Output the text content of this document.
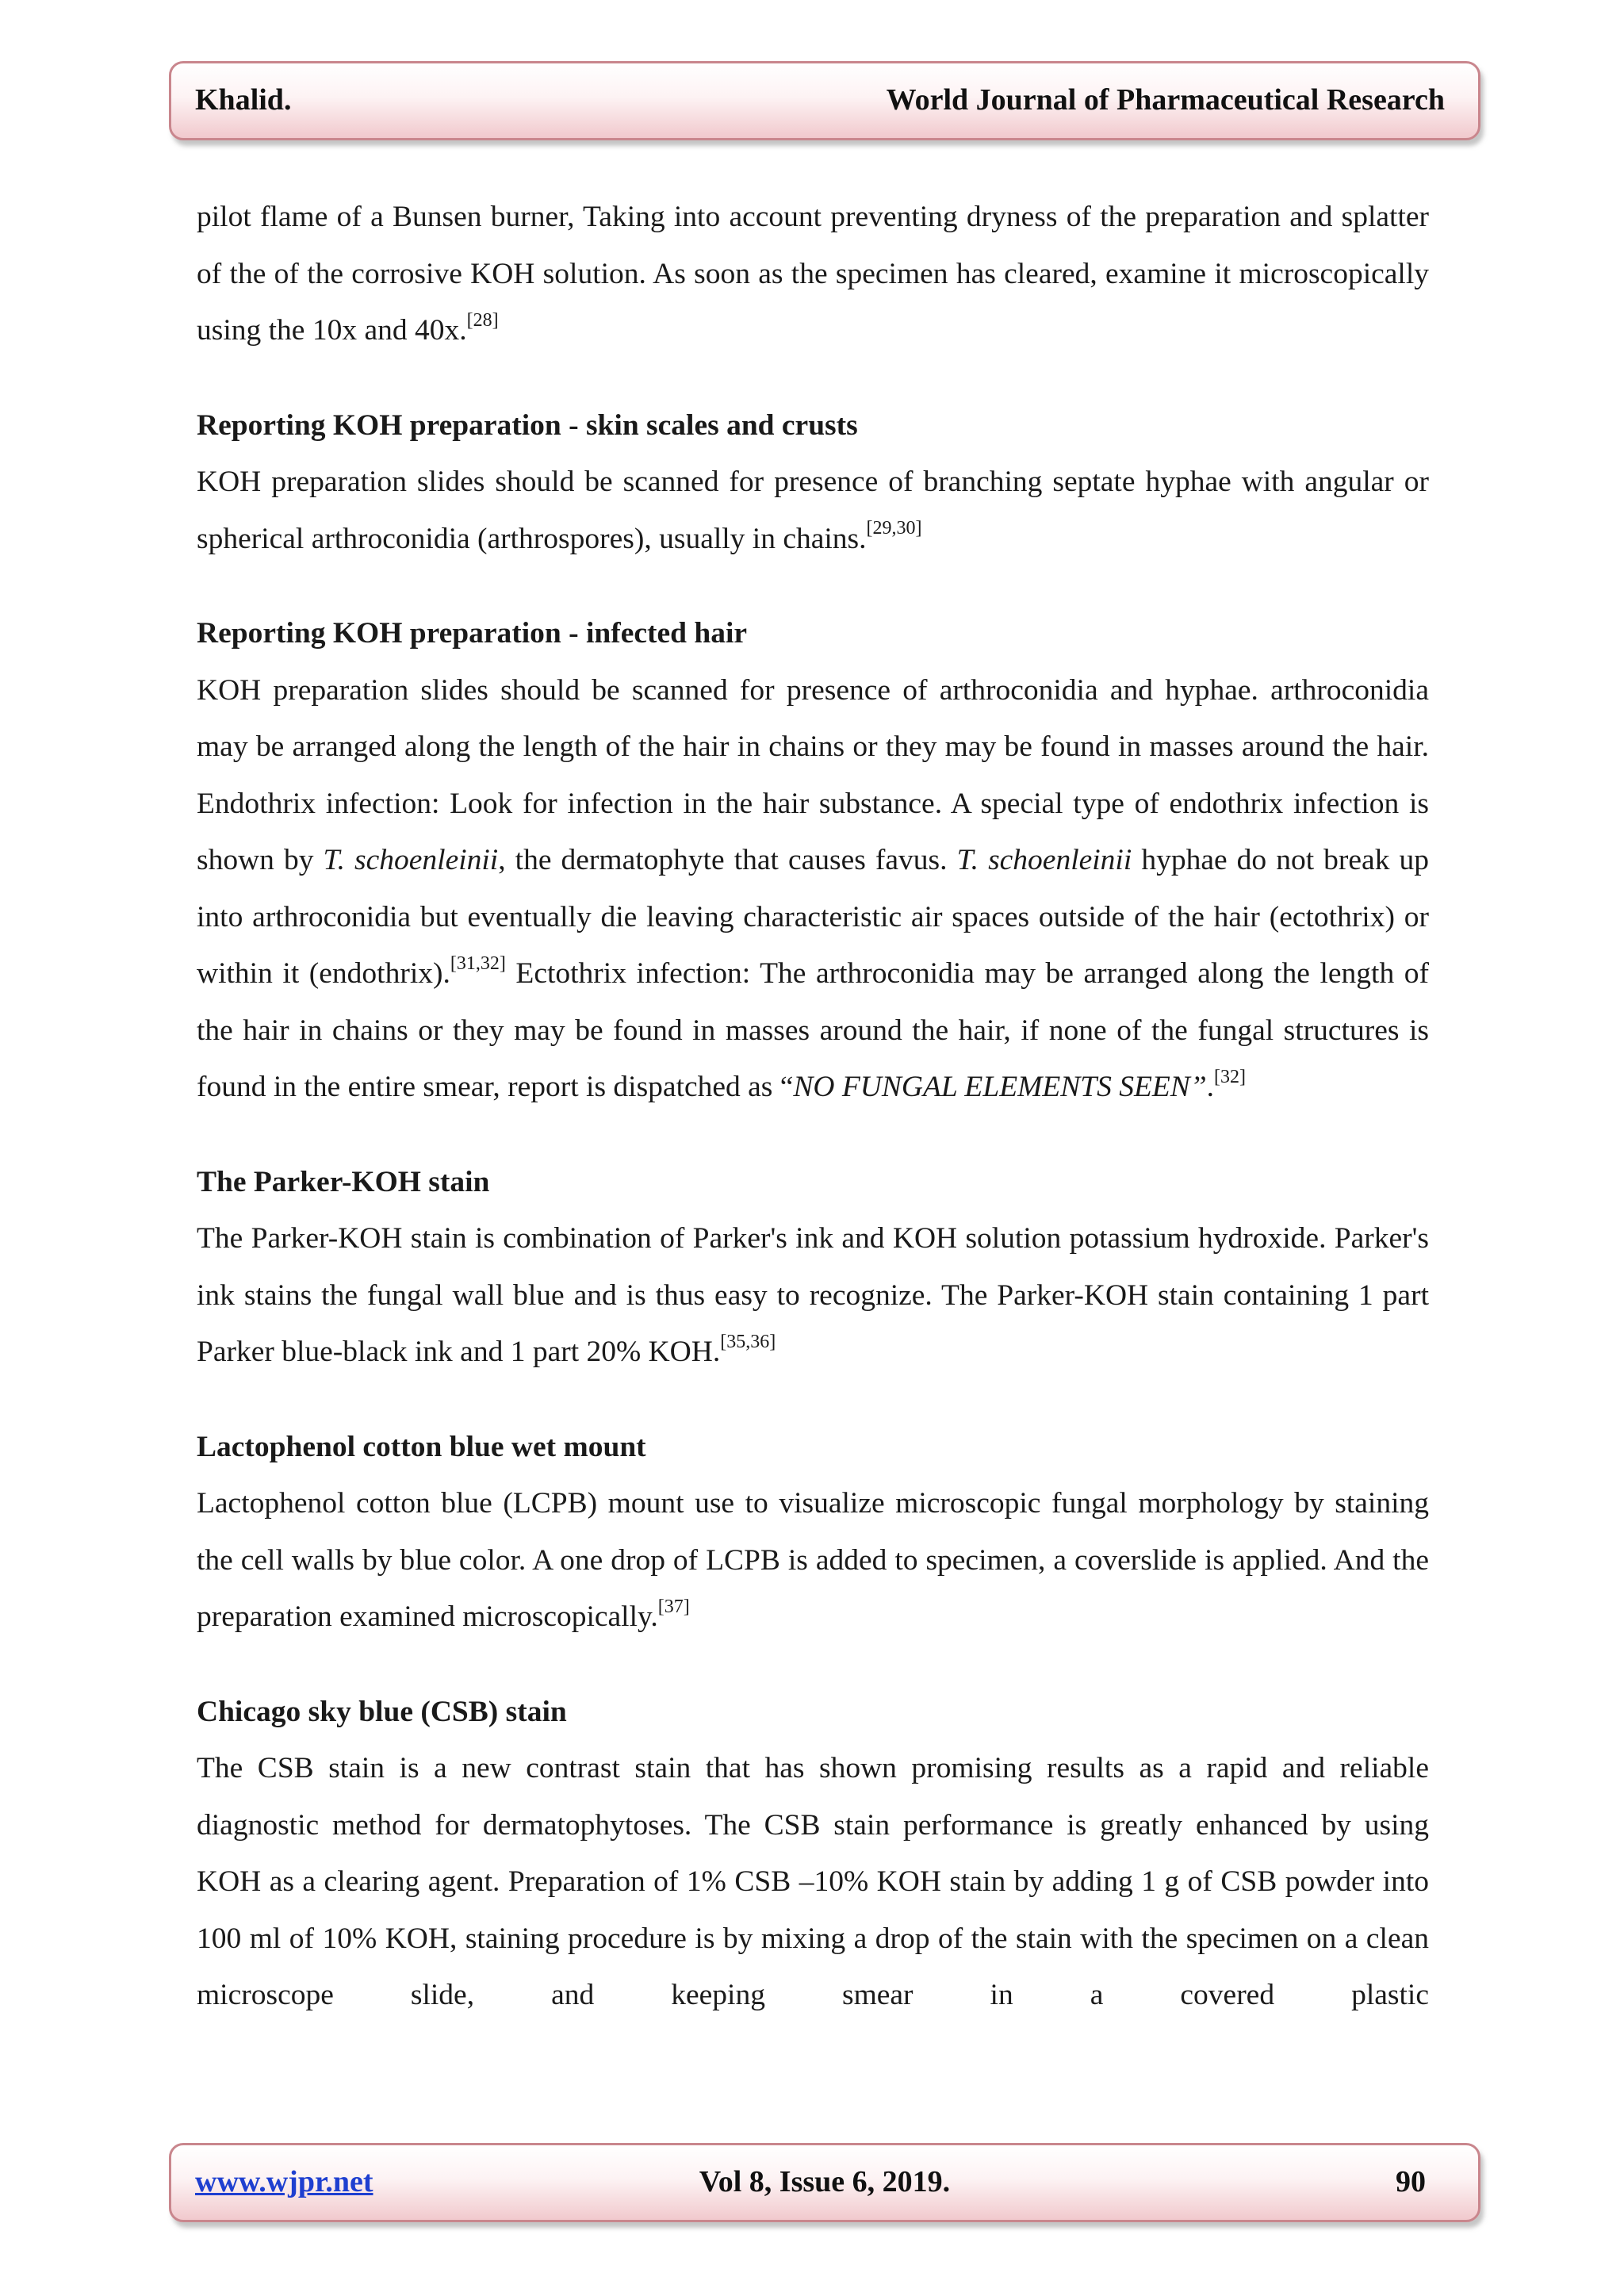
Khalid.	World Journal of Pharmaceutical Research

pilot flame of a Bunsen burner, Taking into account preventing dryness of the preparation and splatter of the of the corrosive KOH solution. As soon as the specimen has cleared, examine it microscopically using the 10x and 40x.[28]

Reporting KOH preparation - skin scales and crusts

KOH preparation slides should be scanned for presence of branching septate hyphae with angular or spherical arthroconidia (arthrospores), usually in chains.[29,30]

Reporting KOH preparation - infected hair

KOH preparation slides should be scanned for presence of arthroconidia and hyphae. arthroconidia may be arranged along the length of the hair in chains or they may be found in masses around the hair. Endothrix infection: Look for infection in the hair substance. A special type of endothrix infection is shown by T. schoenleinii, the dermatophyte that causes favus. T. schoenleinii hyphae do not break up into arthroconidia but eventually die leaving characteristic air spaces outside of the hair (ectothrix) or within it (endothrix).[31,32] Ectothrix infection: The arthroconidia may be arranged along the length of the hair in chains or they may be found in masses around the hair, if none of the fungal structures is found in the entire smear, report is dispatched as “NO FUNGAL ELEMENTS SEEN”.[32]

The Parker-KOH stain

The Parker-KOH stain is combination of Parker's ink and KOH solution potassium hydroxide. Parker's ink stains the fungal wall blue and is thus easy to recognize. The Parker-KOH stain containing 1 part Parker blue-black ink and 1 part 20% KOH.[35,36]

Lactophenol cotton blue wet mount

Lactophenol cotton blue (LCPB) mount use to visualize microscopic fungal morphology by staining the cell walls by blue color. A one drop of LCPB is added to specimen, a coverslide is applied. And the preparation examined microscopically.[37]

Chicago sky blue (CSB) stain

The CSB stain is a new contrast stain that has shown promising results as a rapid and reliable diagnostic method for dermatophytoses. The CSB stain performance is greatly enhanced by using KOH as a clearing agent. Preparation of 1% CSB –10% KOH stain by adding 1 g of CSB powder into 100 ml of 10% KOH, staining procedure is by mixing a drop of the stain with the specimen on a clean microscope slide, and keeping smear in a covered plastic

www.wjpr.net	Vol 8, Issue 6, 2019.	90
